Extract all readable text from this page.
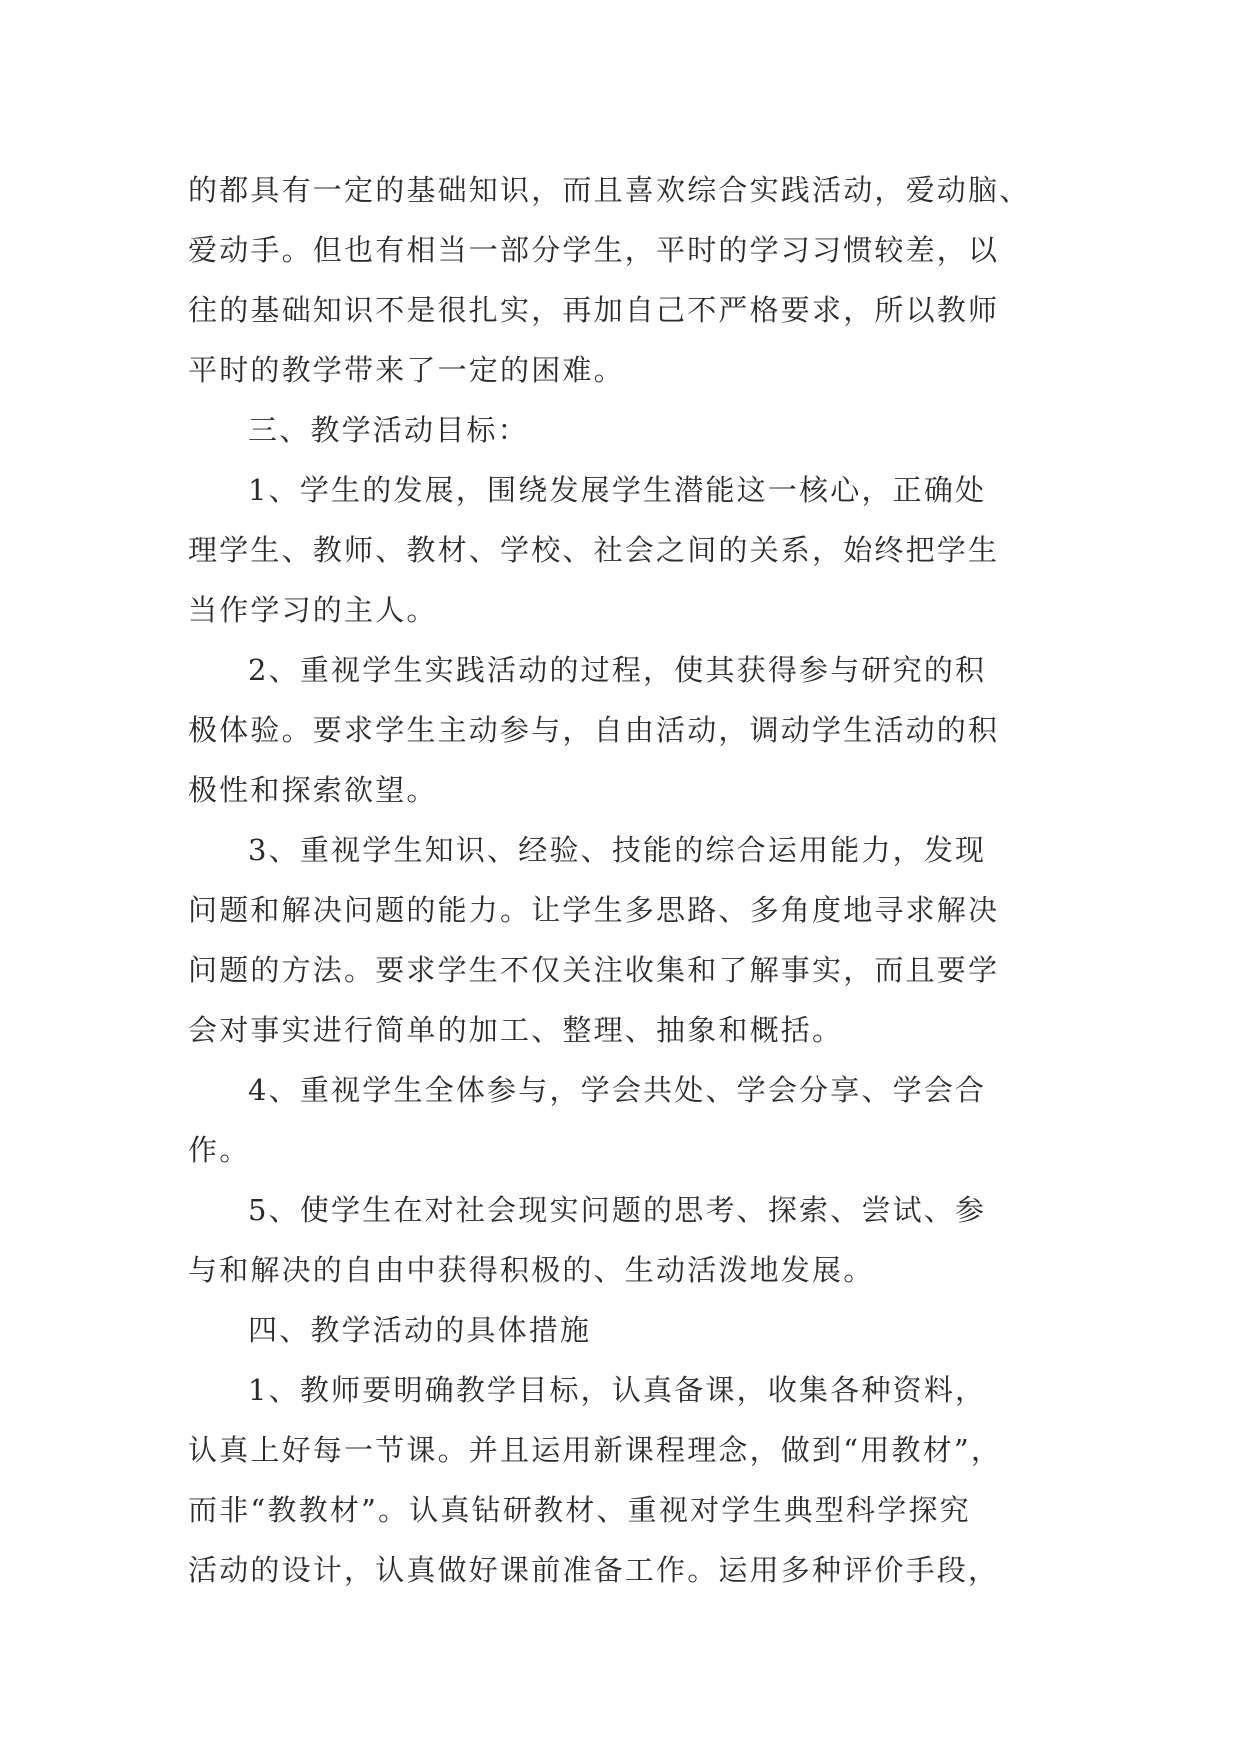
的都具有一定的基础知识，而且喜欢综合实践活动，爱动脑、
爱动手。但也有相当一部分学生，平时的学习习惯较差，以
往的基础知识不是很扎实，再加自己不严格要求，所以教师
平时的教学带来了一定的困难。
三、教学活动目标：
1、学生的发展，围绕发展学生潜能这一核心，正确处
理学生、教师、教材、学校、社会之间的关系，始终把学生
当作学习的主人。
2、重视学生实践活动的过程，使其获得参与研究的积
极体验。要求学生主动参与，自由活动，调动学生活动的积
极性和探索欲望。
3、重视学生知识、经验、技能的综合运用能力，发现
问题和解决问题的能力。让学生多思路、多角度地寻求解决
问题的方法。要求学生不仅关注收集和了解事实，而且要学
会对事实进行简单的加工、整理、抽象和概括。
4、重视学生全体参与，学会共处、学会分享、学会合
作。
5、使学生在对社会现实问题的思考、探索、尝试、参
与和解决的自由中获得积极的、生动活泼地发展。
四、教学活动的具体措施
1、教师要明确教学目标，认真备课，收集各种资料，
认真上好每一节课。并且运用新课程理念，做到“用教材”，
而非“教教材”。认真钻研教材、重视对学生典型科学探究
活动的设计，认真做好课前准备工作。运用多种评价手段，
